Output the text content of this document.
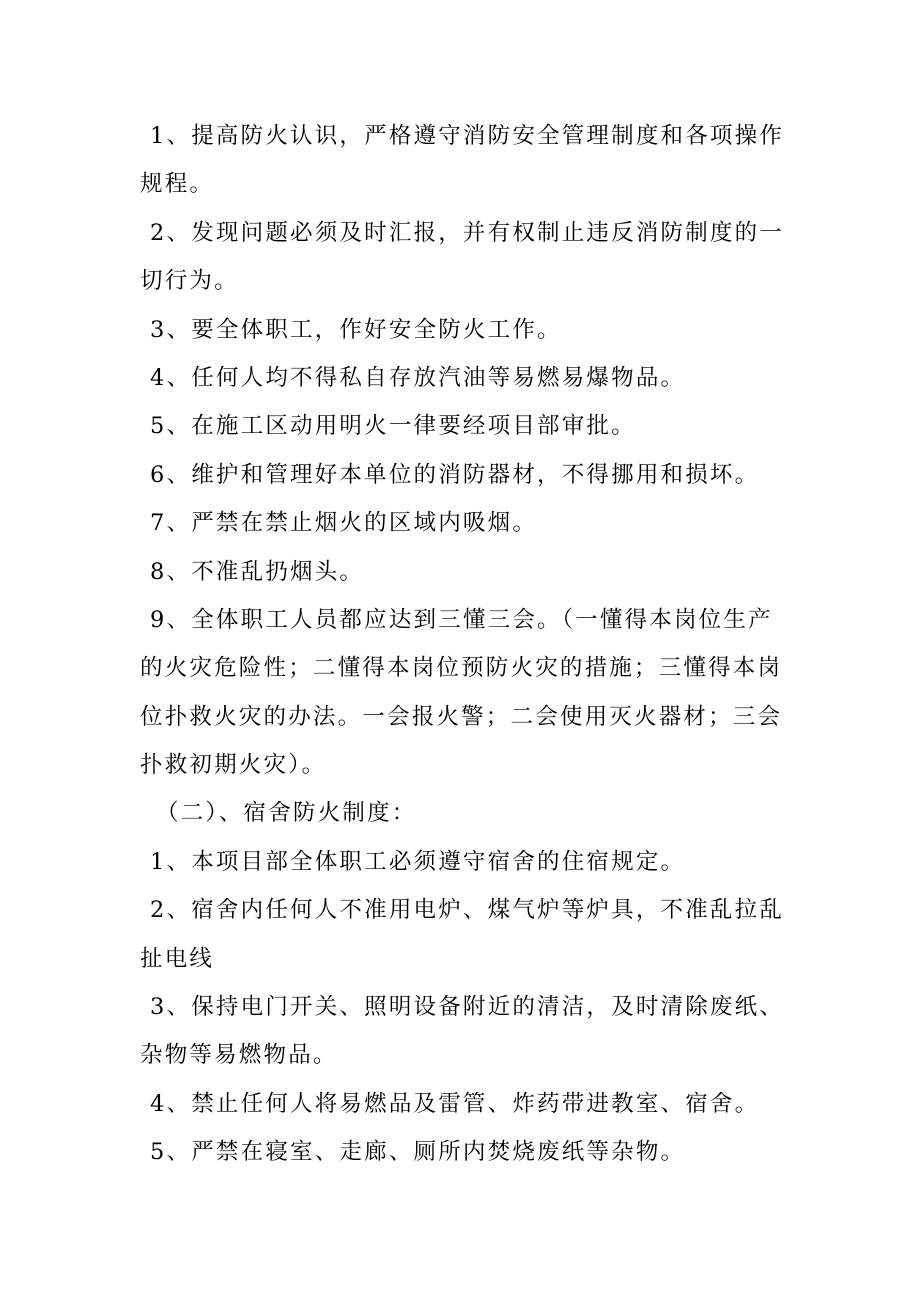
1、提高防火认识，严格遵守消防安全管理制度和各项操作
规程。
2、发现问题必须及时汇报，并有权制止违反消防制度的一
切行为。
3、要全体职工，作好安全防火工作。
4、任何人均不得私自存放汽油等易燃易爆物品。
5、在施工区动用明火一律要经项目部审批。
6、维护和管理好本单位的消防器材，不得挪用和损坏。
7、严禁在禁止烟火的区域内吸烟。
8、不准乱扔烟头。
9、全体职工人员都应达到三懂三会。（一懂得本岗位生产
的火灾危险性；二懂得本岗位预防火灾的措施；三懂得本岗
位扑救火灾的办法。一会报火警；二会使用灭火器材；三会
扑救初期火灾）。
（二）、宿舍防火制度：
1、本项目部全体职工必须遵守宿舍的住宿规定。
2、宿舍内任何人不准用电炉、煤气炉等炉具，不准乱拉乱
扯电线
3、保持电门开关、照明设备附近的清洁，及时清除废纸、
杂物等易燃物品。
4、禁止任何人将易燃品及雷管、炸药带进教室、宿舍。
5、严禁在寝室、走廊、厕所内焚烧废纸等杂物。
